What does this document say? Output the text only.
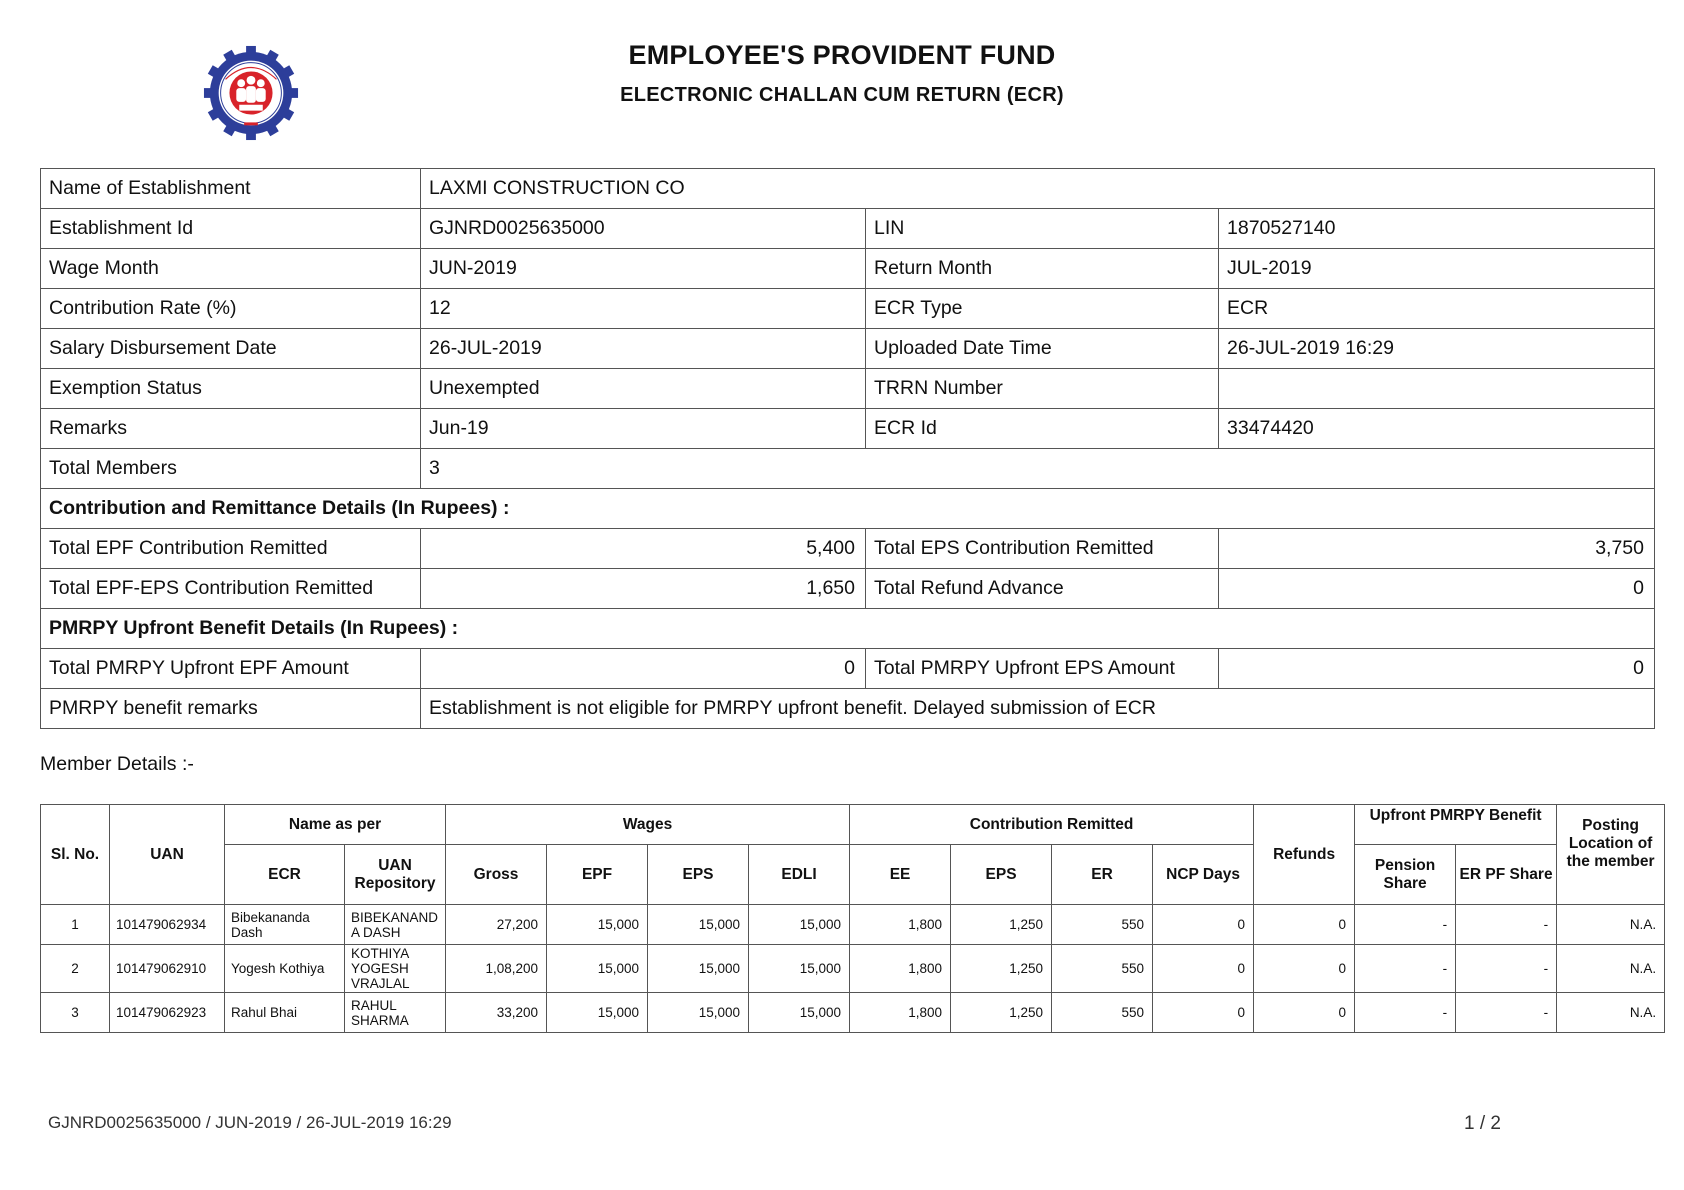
EMPLOYEE'S PROVIDENT FUND
ELECTRONIC CHALLAN CUM RETURN (ECR)
Name of Establishment	LAXMI CONSTRUCTION CO		
Establishment Id	GJNRD0025635000	LIN	1870527140
Wage Month	JUN-2019	Return Month	JUL-2019
Contribution Rate (%)	12	ECR Type	ECR
Salary Disbursement Date	26-JUL-2019	Uploaded Date Time	26-JUL-2019 16:29
Exemption Status	Unexempted	TRRN Number	
Remarks	Jun-19	ECR Id	33474420
Total Members	3		
Contribution and Remittance Details (In Rupees) :			
Total EPF Contribution Remitted	5,400	Total EPS Contribution Remitted	3,750
Total EPF-EPS Contribution Remitted	1,650	Total Refund Advance	0
PMRPY Upfront Benefit Details (In Rupees) :			
Total PMRPY Upfront EPF Amount	0	Total PMRPY Upfront EPS Amount	0
PMRPY benefit remarks	Establishment is not eligible for PMRPY upfront benefit. Delayed submission of ECR		
Member Details :-
Sl. No.	UAN	Name as per		Wages				Contribution Remitted				Refunds	Upfront PMRPY Benefit		Posting Location of the member
		ECR	UAN Repository	Gross	EPF	EPS	EDLI	EE	EPS	ER	NCP Days		Pension Share	ER PF Share	
1	101479062934	Bibekananda Dash	BIBEKANAND A DASH	27,200	15,000	15,000	15,000	1,800	1,250	550	0	0	-	-	N.A.
2	101479062910	Yogesh Kothiya	KOTHIYA YOGESH VRAJLAL	1,08,200	15,000	15,000	15,000	1,800	1,250	550	0	0	-	-	N.A.
3	101479062923	Rahul Bhai	RAHUL SHARMA	33,200	15,000	15,000	15,000	1,800	1,250	550	0	0	-	-	N.A.
GJNRD0025635000 / JUN-2019 / 26-JUL-2019 16:29	1 / 2
